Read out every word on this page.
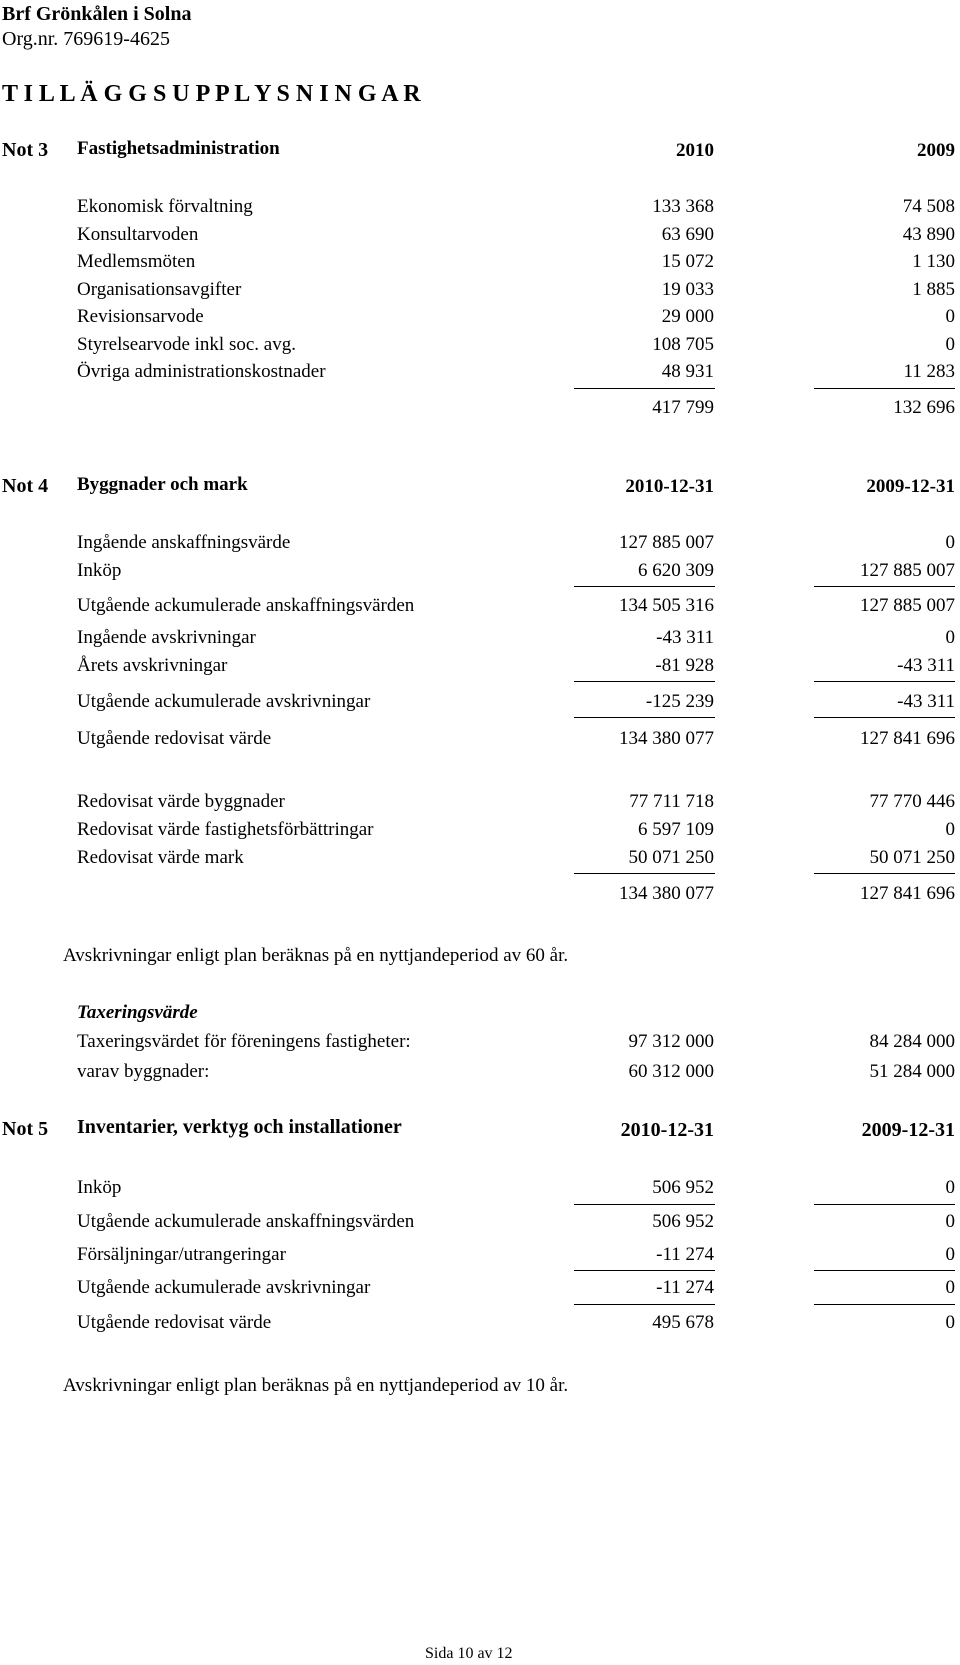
Brf Grönkålen i Solna
Org.nr. 769619-4625
T I L L Ä G G S U P P L Y S N I N G A R
Not 3 Fastighetsadministration	2010	2009
Ekonomisk förvaltning	133 368	74 508
Konsultarvoden	63 690	43 890
Medlemsmöten	15 072	1 130
Organisationsavgifter	19 033	1 885
Revisionsarvode	29 000	0
Styrelsearvode inkl soc. avg.	108 705	0
Övriga administrationskostnader	48 931	11 283
417 799	132 696
Not 4 Byggnader och mark	2010-12-31	2009-12-31
Ingående anskaffningsvärde	127 885 007	0
Inköp	6 620 309	127 885 007
Utgående ackumulerade anskaffningsvärden	134 505 316	127 885 007
Ingående avskrivningar	-43 311	0
Årets avskrivningar	-81 928	-43 311
Utgående ackumulerade avskrivningar	-125 239	-43 311
Utgående redovisat värde	134 380 077	127 841 696
Redovisat värde byggnader	77 711 718	77 770 446
Redovisat värde fastighetsförbättringar	6 597 109	0
Redovisat värde mark	50 071 250	50 071 250
134 380 077	127 841 696
Avskrivningar enligt plan beräknas på en nyttjandeperiod av 60 år.
Taxeringsvärde
Taxeringsvärdet för föreningens fastigheter:	97 312 000	84 284 000
varav byggnader:	60 312 000	51 284 000
Not 5 Inventarier, verktyg och installationer	2010-12-31	2009-12-31
Inköp	506 952	0
Utgående ackumulerade anskaffningsvärden	506 952	0
Försäljningar/utrangeringar	-11 274	0
Utgående ackumulerade avskrivningar	-11 274	0
Utgående redovisat värde	495 678	0
Avskrivningar enligt plan beräknas på en nyttjandeperiod av 10 år.
Sida 10 av 12
